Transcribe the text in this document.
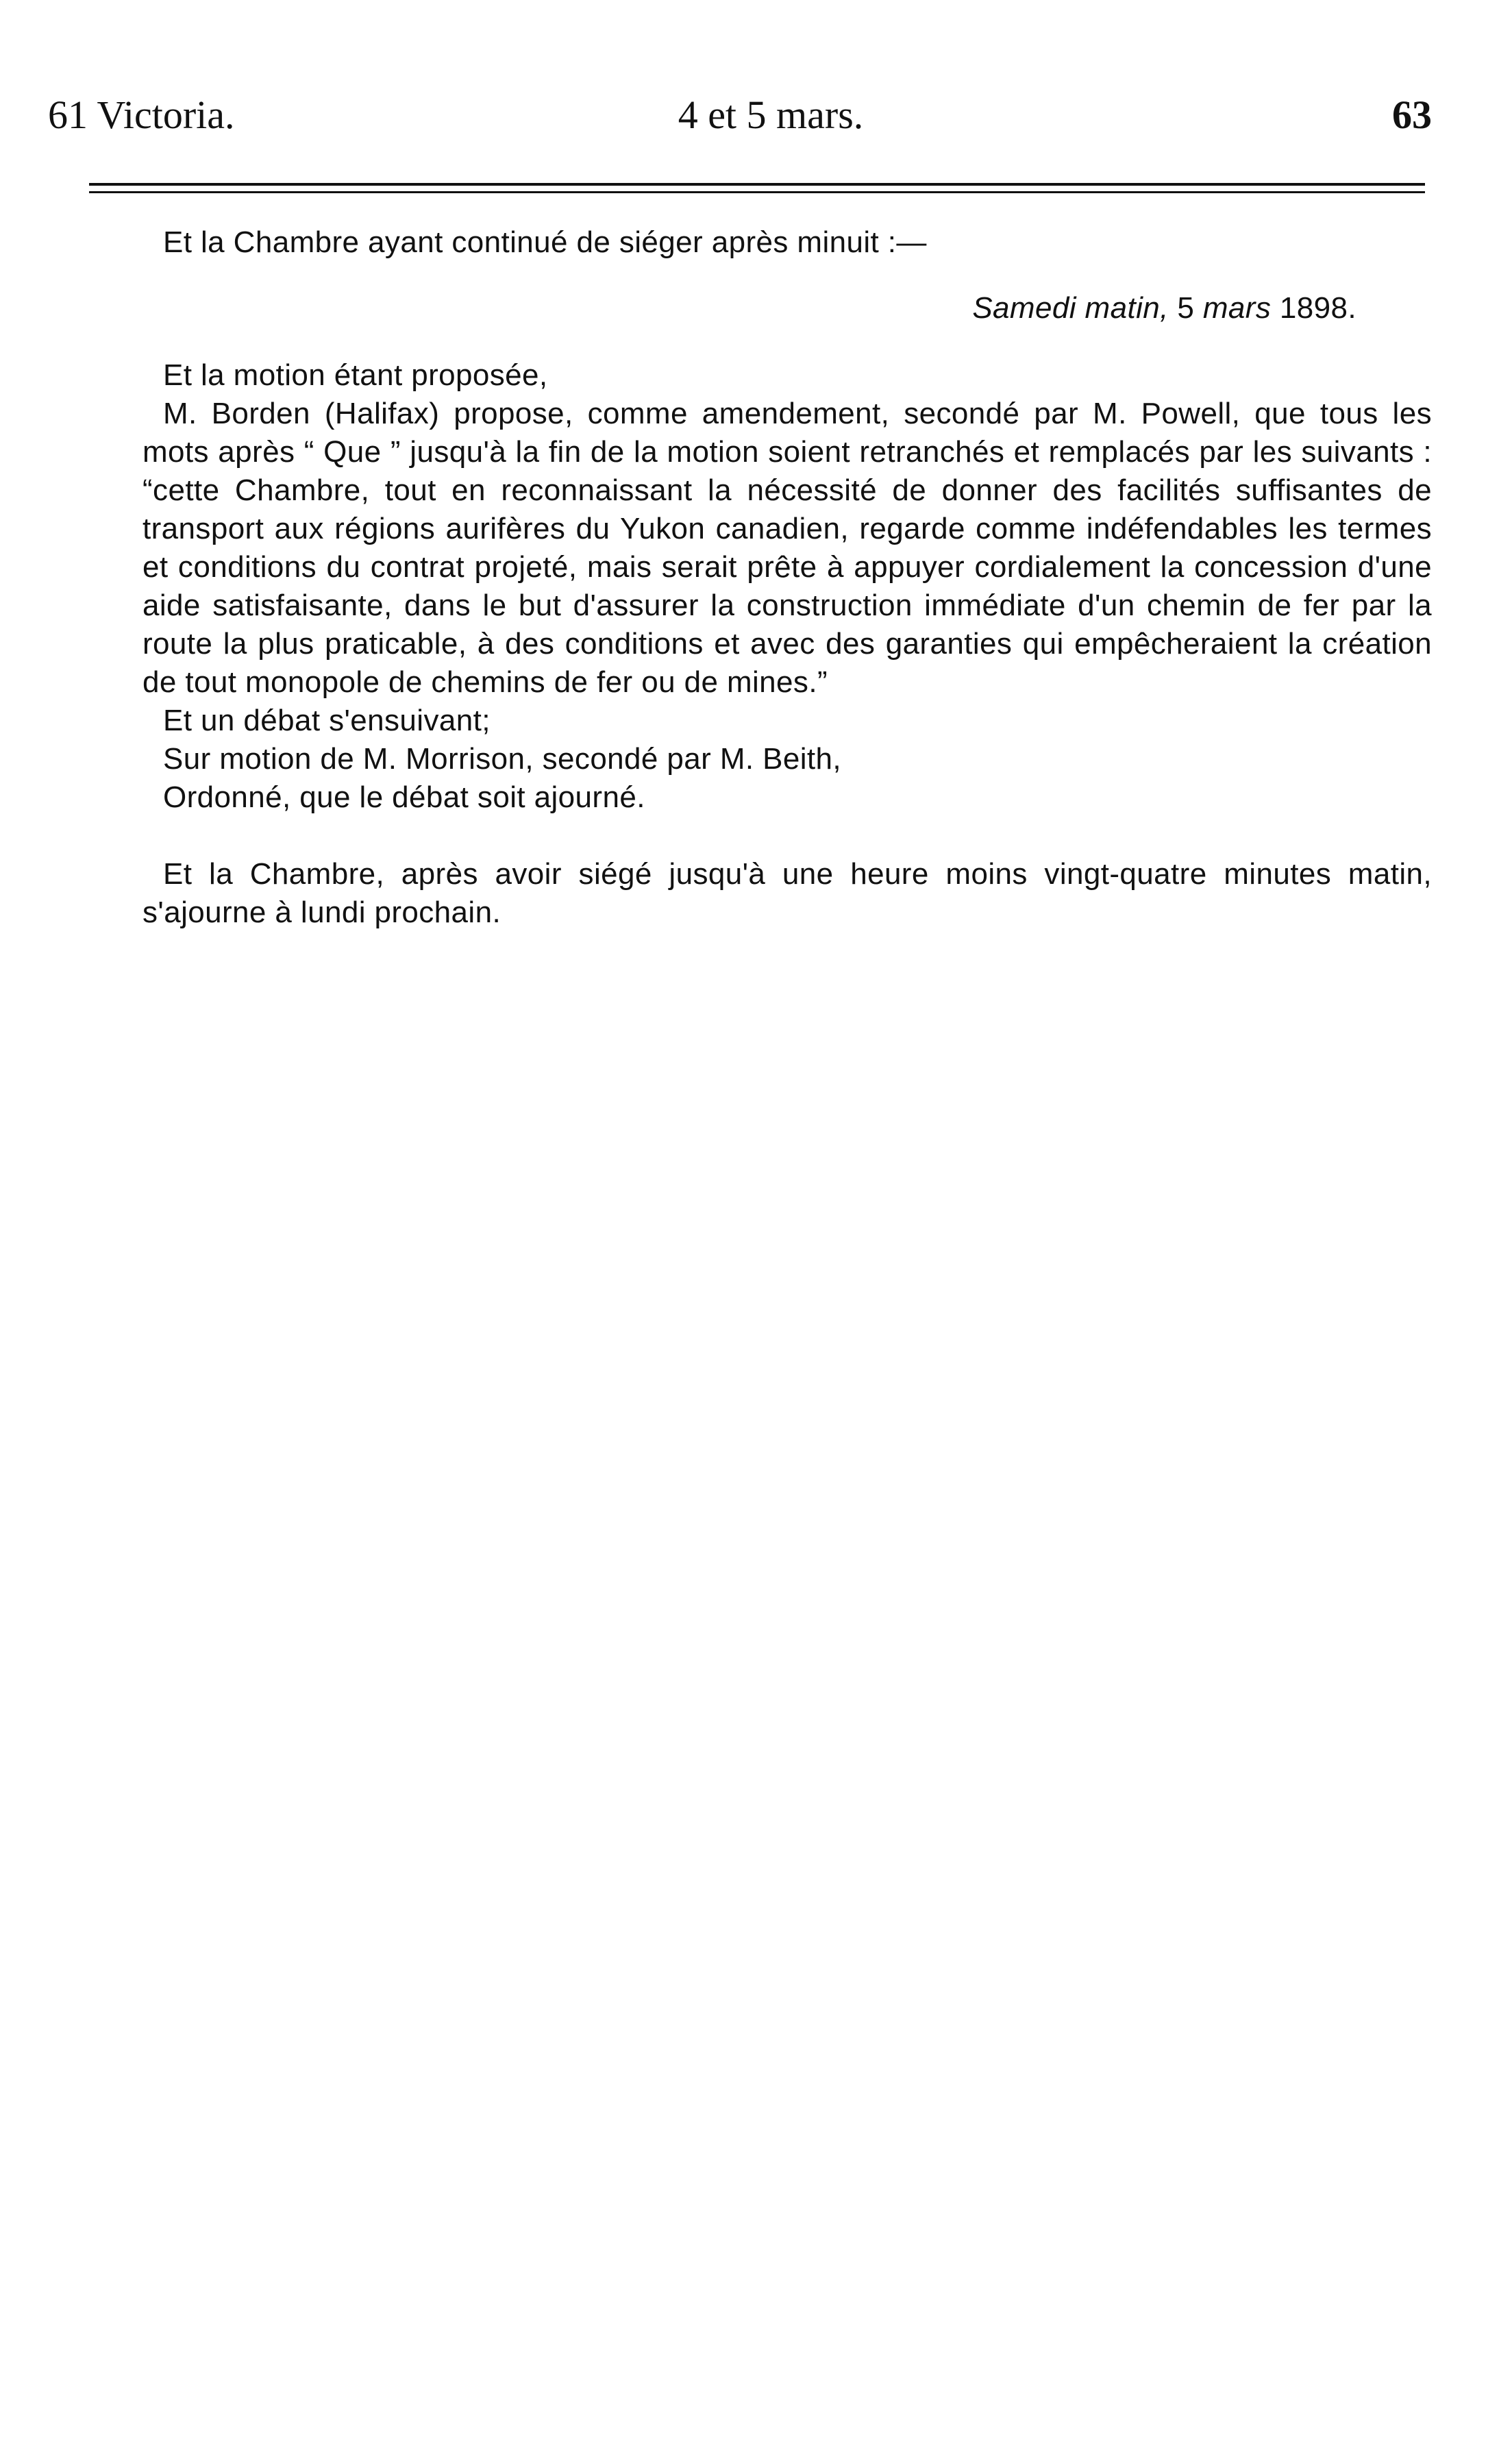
61 Victoria.	4 et 5 mars.	63

Et la Chambre ayant continué de siéger après minuit :—

Samedi matin, 5 mars 1898.

Et la motion étant proposée,

M. Borden (Halifax) propose, comme amendement, secondé par M. Powell, que tous les mots après “ Que ” jusqu'à la fin de la motion soient retranchés et remplacés par les suivants : “cette Chambre, tout en reconnaissant la nécessité de donner des facilités suffisantes de transport aux régions aurifères du Yukon canadien, regarde comme indéfendables les termes et conditions du contrat projeté, mais serait prête à appuyer cordialement la concession d'une aide satisfaisante, dans le but d'assurer la construction immédiate d'un chemin de fer par la route la plus praticable, à des conditions et avec des garanties qui empêcheraient la création de tout monopole de chemins de fer ou de mines.”

Et un débat s'ensuivant;

Sur motion de M. Morrison, secondé par M. Beith,

Ordonné, que le débat soit ajourné.

Et la Chambre, après avoir siégé jusqu'à une heure moins vingt-quatre minutes matin, s'ajourne à lundi prochain.
